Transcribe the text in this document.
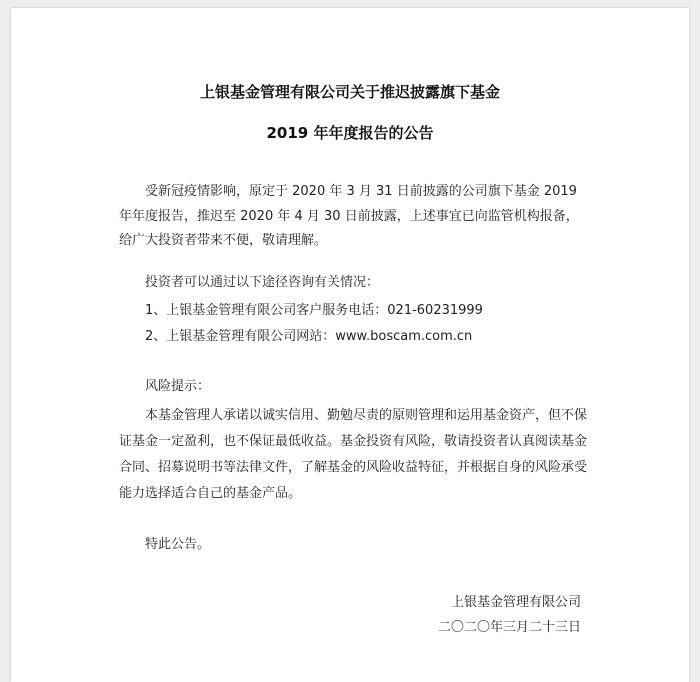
上银基金管理有限公司关于推迟披露旗下基金
2019 年年度报告的公告
受新冠疫情影响，原定于 2020 年 3 月 31 日前披露的公司旗下基金 2019 年年度报告，推迟至 2020 年 4 月 30 日前披露，上述事宜已向监管机构报备，给广大投资者带来不便，敬请理解。
投资者可以通过以下途径咨询有关情况：
1、上银基金管理有限公司客户服务电话：021-60231999
2、上银基金管理有限公司网站：www.boscam.com.cn
风险提示：
本基金管理人承诺以诚实信用、勤勉尽责的原则管理和运用基金资产，但不保证基金一定盈利，也不保证最低收益。基金投资有风险，敬请投资者认真阅读基金合同、招募说明书等法律文件，了解基金的风险收益特征，并根据自身的风险承受能力选择适合自己的基金产品。
特此公告。
上银基金管理有限公司
二〇二〇年三月二十三日
